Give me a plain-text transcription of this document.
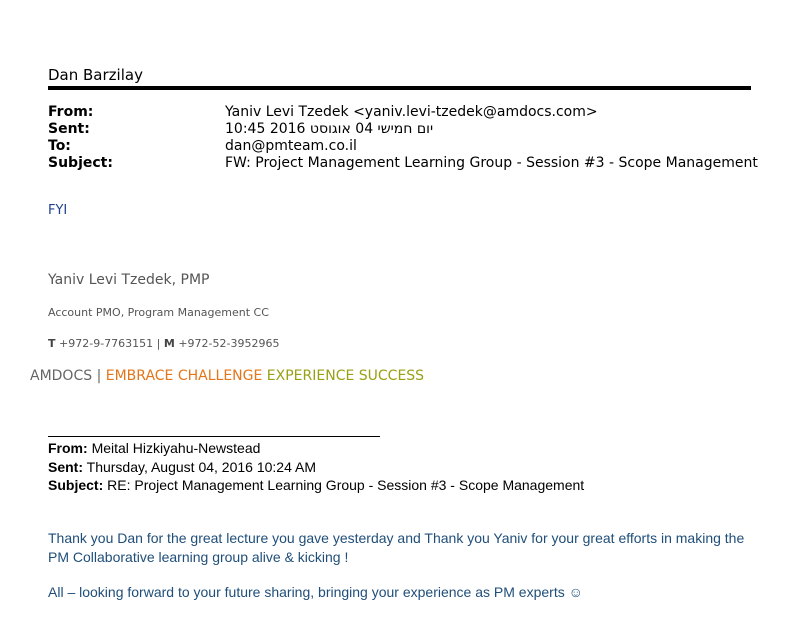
Dan Barzilay
From:	Yaniv Levi Tzedek <yaniv.levi-tzedek@amdocs.com>
Sent:	יום חמישי 04 אוגוסט 2016 10:45
To:	dan@pmteam.co.il
Subject:	FW: Project Management Learning Group - Session #3 - Scope Management
FYI
Yaniv Levi Tzedek, PMP
Account PMO, Program Management CC
T +972-9-7763151 | M +972-52-3952965
AMDOCS | EMBRACE CHALLENGE EXPERIENCE SUCCESS
From: Meital Hizkiyahu-Newstead
Sent: Thursday, August 04, 2016 10:24 AM
Subject: RE: Project Management Learning Group - Session #3 - Scope Management
Thank you Dan for the great lecture you gave yesterday and Thank you Yaniv for your great efforts in making the PM Collaborative learning group alive & kicking !
All – looking forward to your future sharing, bringing your experience as PM experts ☺
